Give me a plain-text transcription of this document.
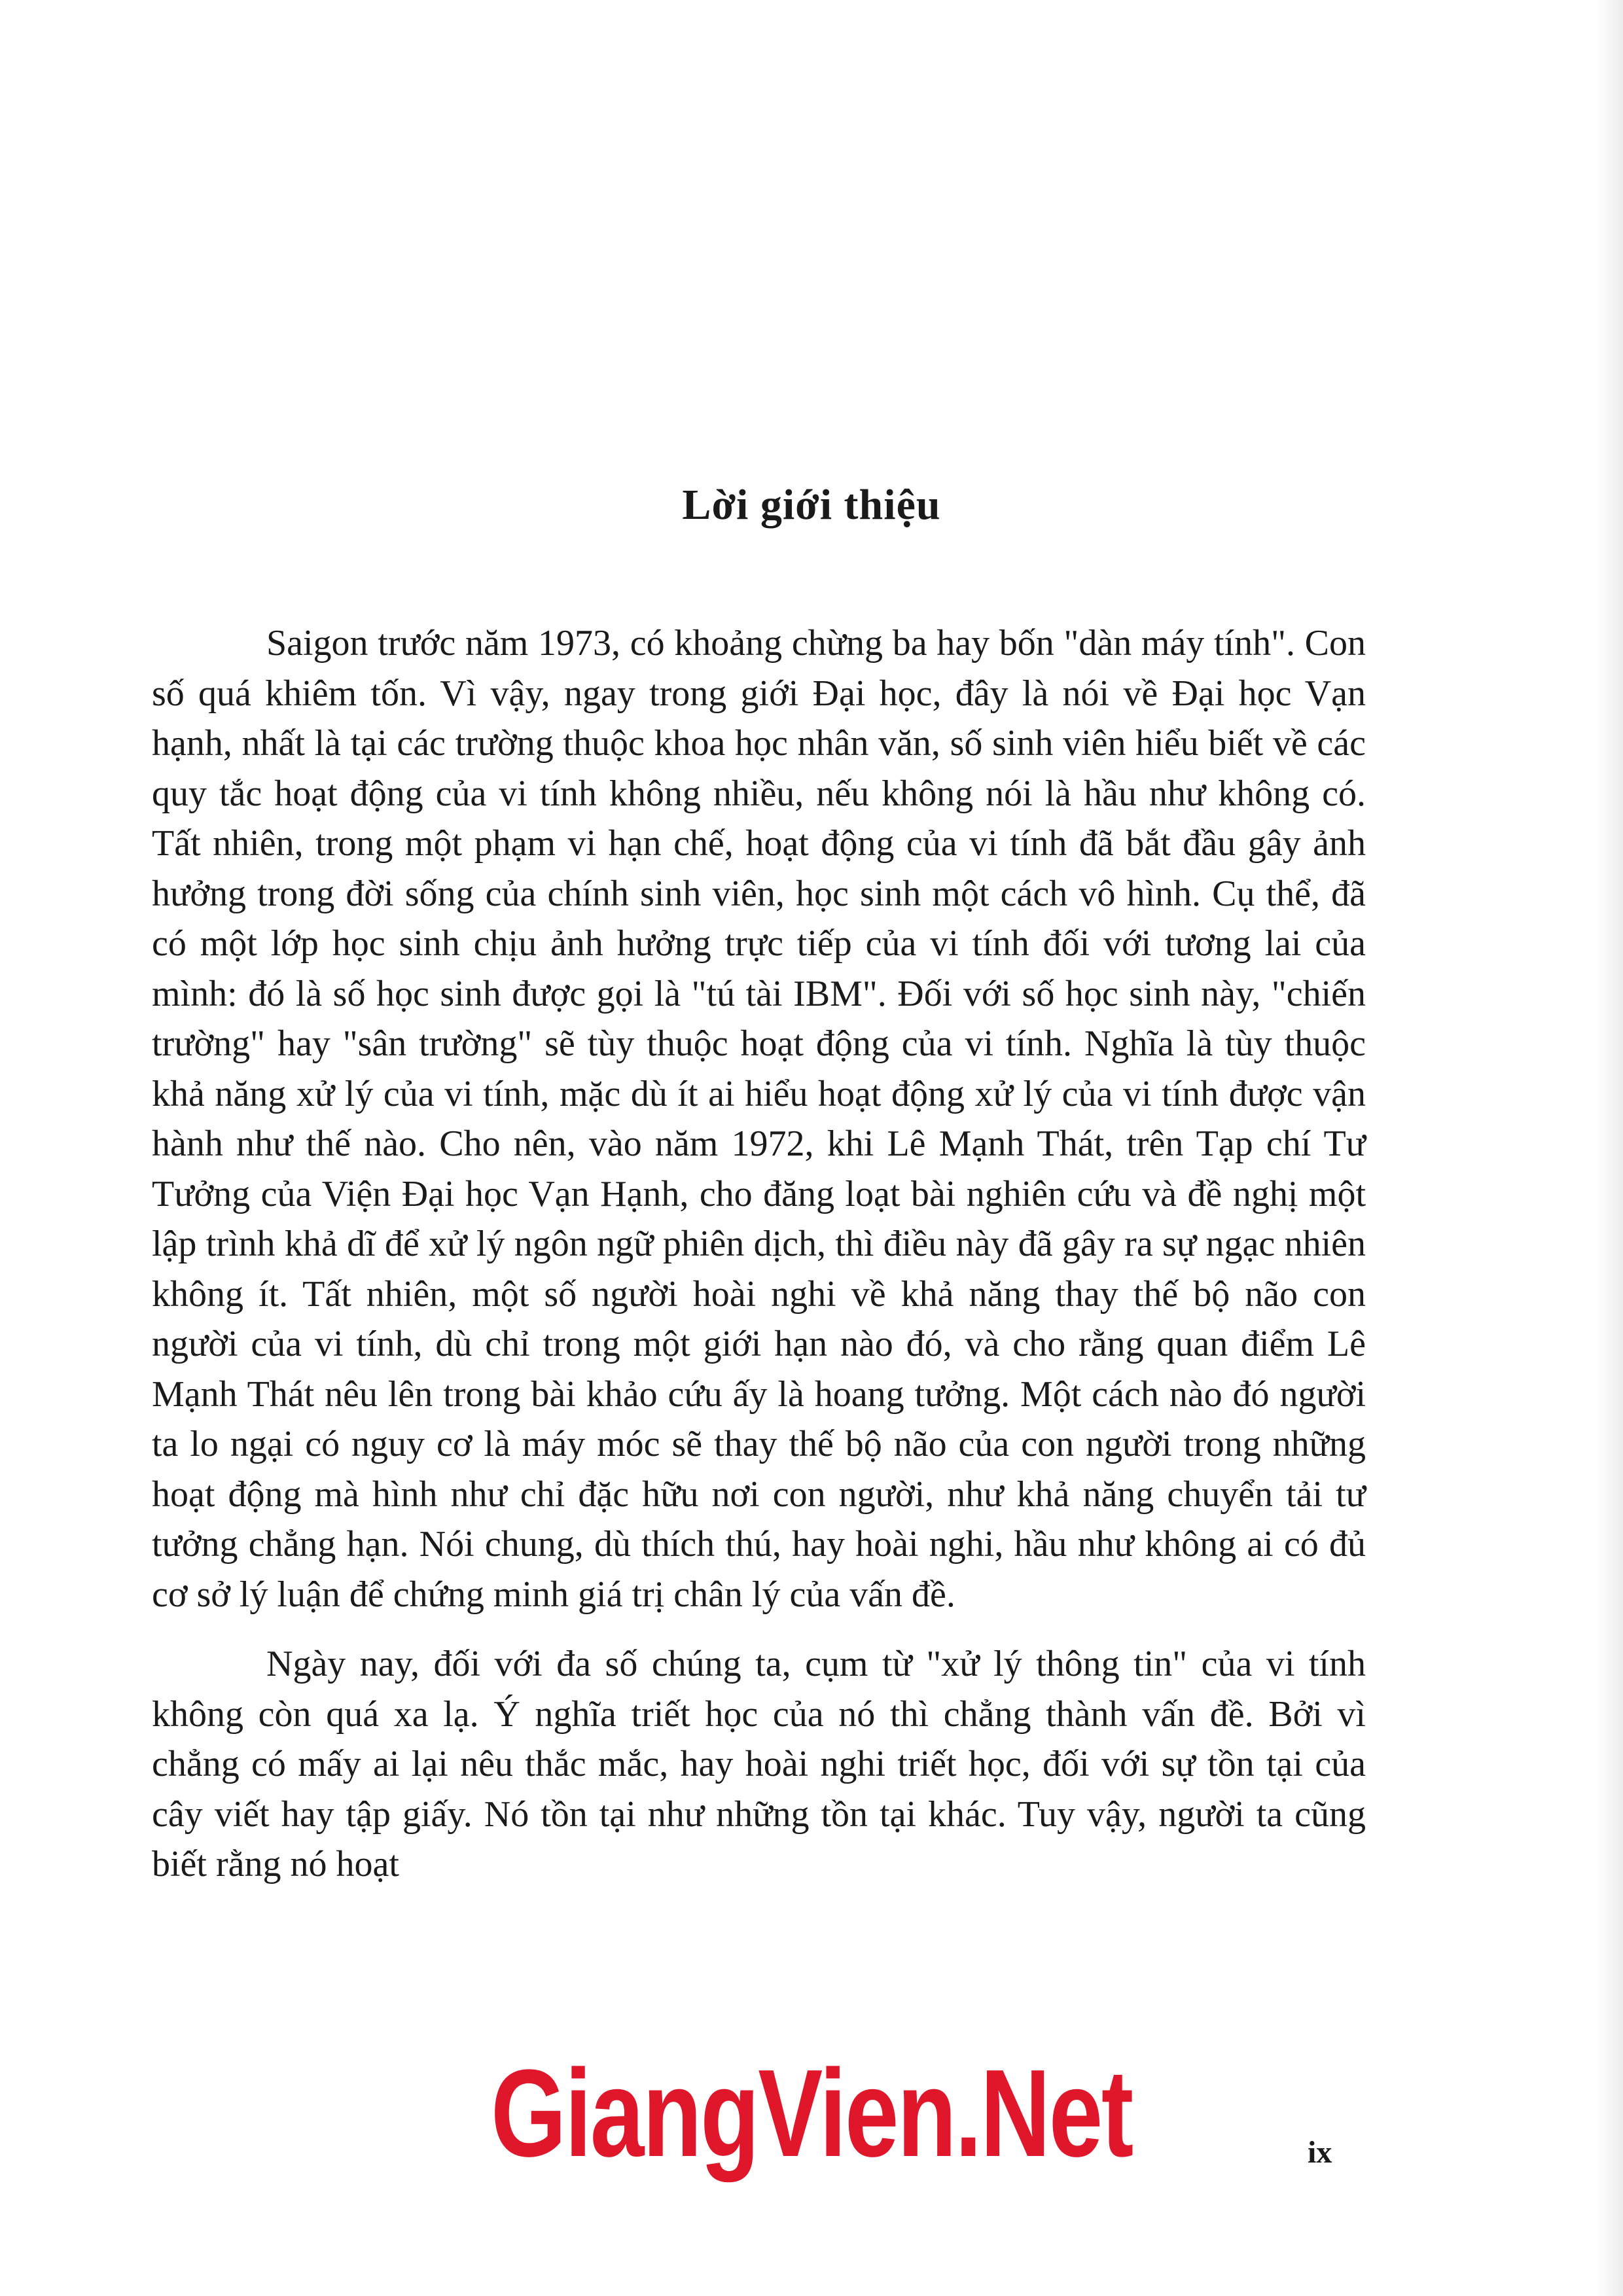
Lời giới thiệu

Saigon trước năm 1973, có khoảng chừng ba hay bốn "dàn máy tính". Con số quá khiêm tốn. Vì vậy, ngay trong giới Đại học, đây là nói về Đại học Vạn hạnh, nhất là tại các trường thuộc khoa học nhân văn, số sinh viên hiểu biết về các quy tắc hoạt động của vi tính không nhiều, nếu không nói là hầu như không có. Tất nhiên, trong một phạm vi hạn chế, hoạt động của vi tính đã bắt đầu gây ảnh hưởng trong đời sống của chính sinh viên, học sinh một cách vô hình. Cụ thể, đã có một lớp học sinh chịu ảnh hưởng trực tiếp của vi tính đối với tương lai của mình: đó là số học sinh được gọi là "tú tài IBM". Đối với số học sinh này, "chiến trường" hay "sân trường" sẽ tùy thuộc hoạt động của vi tính. Nghĩa là tùy thuộc khả năng xử lý của vi tính, mặc dù ít ai hiểu hoạt động xử lý của vi tính được vận hành như thế nào. Cho nên, vào năm 1972, khi Lê Mạnh Thát, trên Tạp chí Tư Tưởng của Viện Đại học Vạn Hạnh, cho đăng loạt bài nghiên cứu và đề nghị một lập trình khả dĩ để xử lý ngôn ngữ phiên dịch, thì điều này đã gây ra sự ngạc nhiên không ít. Tất nhiên, một số người hoài nghi về khả năng thay thế bộ não con người của vi tính, dù chỉ trong một giới hạn nào đó, và cho rằng quan điểm Lê Mạnh Thát nêu lên trong bài khảo cứu ấy là hoang tưởng. Một cách nào đó người ta lo ngại có nguy cơ là máy móc sẽ thay thế bộ não của con người trong những hoạt động mà hình như chỉ đặc hữu nơi con người, như khả năng chuyển tải tư tưởng chẳng hạn. Nói chung, dù thích thú, hay hoài nghi, hầu như không ai có đủ cơ sở lý luận để chứng minh giá trị chân lý của vấn đề.

Ngày nay, đối với đa số chúng ta, cụm từ "xử lý thông tin" của vi tính không còn quá xa lạ. Ý nghĩa triết học của nó thì chẳng thành vấn đề. Bởi vì chẳng có mấy ai lại nêu thắc mắc, hay hoài nghi triết học, đối với sự tồn tại của cây viết hay tập giấy. Nó tồn tại như những tồn tại khác. Tuy vậy, người ta cũng biết rằng nó hoạt

GiangVien.Net	ix
